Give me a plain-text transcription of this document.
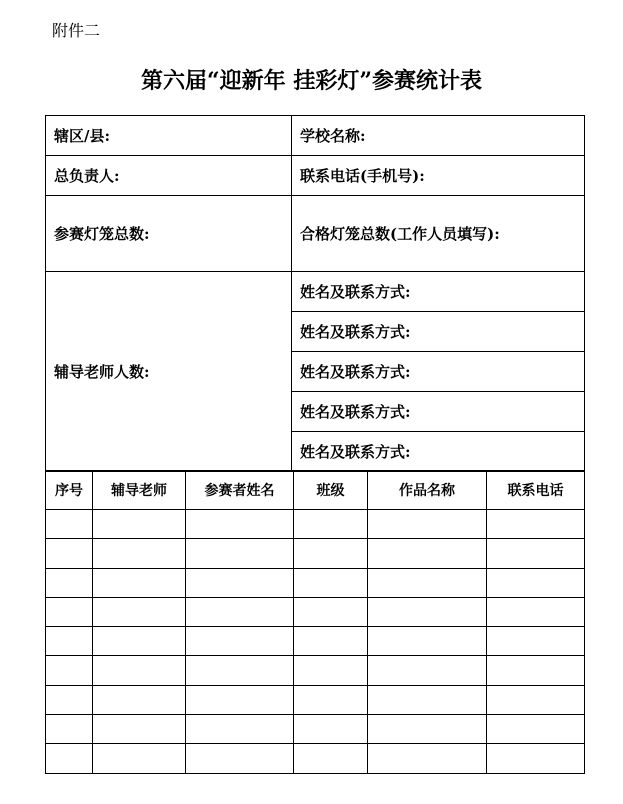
附件二
第六届“迎新年 挂彩灯”参赛统计表
辖区/县:	学校名称:
总负责人:	联系电话(手机号):
参赛灯笼总数:	合格灯笼总数(工作人员填写):
辅导老师人数:	姓名及联系方式:
	姓名及联系方式:
	姓名及联系方式:
	姓名及联系方式:
	姓名及联系方式:
序号	辅导老师	参赛者姓名	班级	作品名称	联系电话
